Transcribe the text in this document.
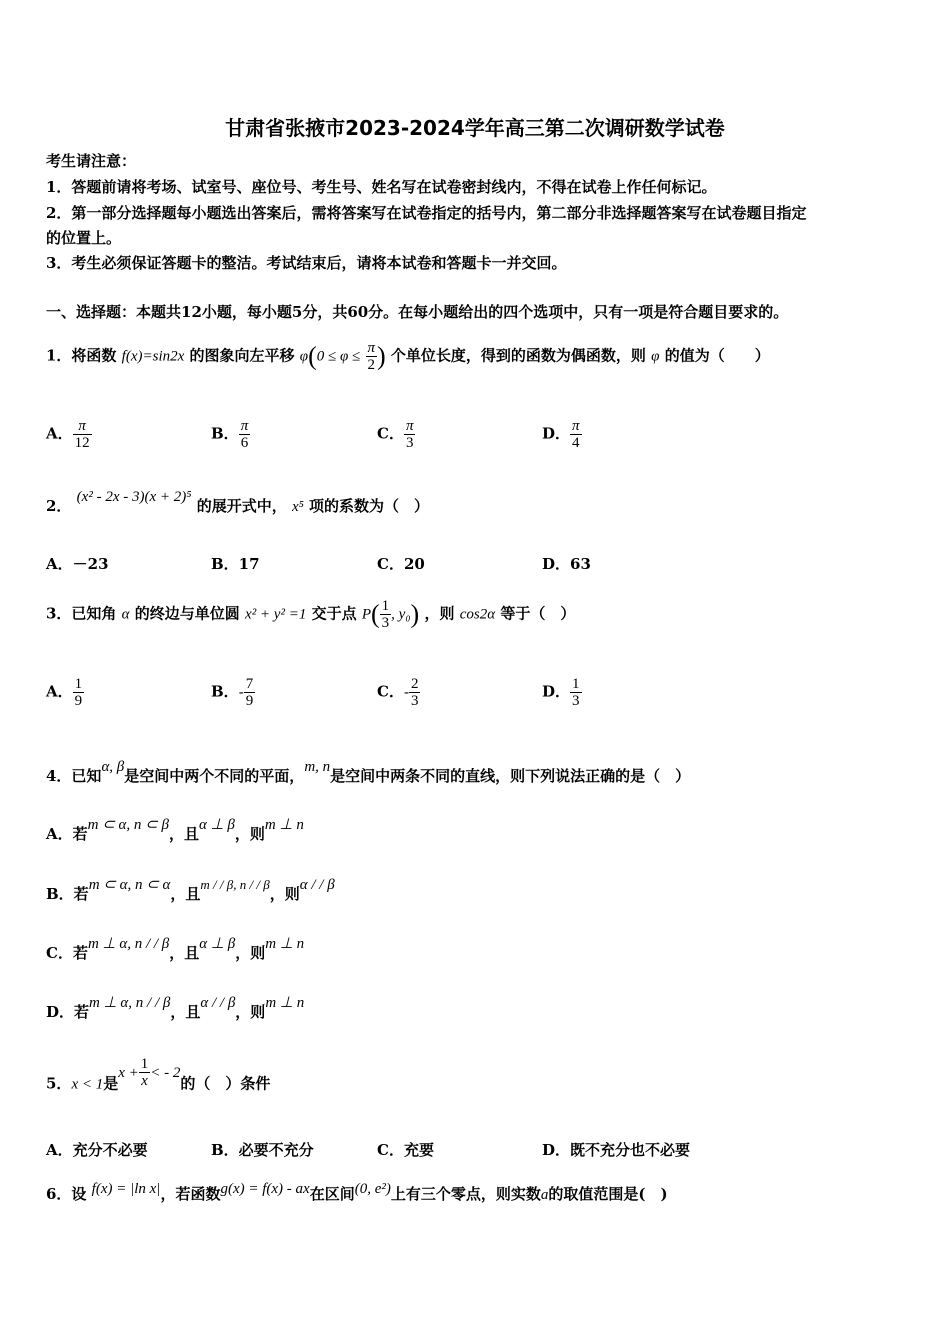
甘肃省张掖市2023-2024学年高三第二次调研数学试卷
考生请注意：
1．答题前请将考场、试室号、座位号、考生号、姓名写在试卷密封线内，不得在试卷上作任何标记。
2．第一部分选择题每小题选出答案后，需将答案写在试卷指定的括号内，第二部分非选择题答案写在试卷题目指定
的位置上。
3．考生必须保证答题卡的整洁。考试结束后，请将本试卷和答题卡一并交回。
一、选择题：本题共12小题，每小题5分，共60分。在每小题给出的四个选项中，只有一项是符合题目要求的。
1．将函数 f(x)=sin2x 的图象向左平移 $\varphi(0 \le \varphi \le \frac{\pi}{2}$ ) 个单位长度，得到的函数为偶函数，则 φ 的值为（　　）
A． $\frac{\pi}{12}$	B． $\frac{\pi}{6}$	C． $\frac{\pi}{3}$	D． $\frac{\pi}{4}$
2． (x² - 2x - 3)(x + 2)⁵ 的展开式中， x⁵ 项的系数为（　）
A．－23	B．17	C．20	D．63
3．已知角 α 的终边与单位圆 x² + y² =1 交于点 $P( \frac{1}{3}$ , y₀) ，则 cos2α 等于（　）
A． $\frac{1}{9}$	B．- $\frac{7}{9}$	C．- $\frac{2}{3}$	D． $\frac{1}{3}$
4．已知α, β是空间中两个不同的平面，m, n是空间中两条不同的直线，则下列说法正确的是（　）
A．若m ⊂ α, n ⊂ β，且α ⊥ β，则m ⊥ n
B．若m ⊂ α, n ⊂ α，且m / / β, n / / β，则α / / β
C．若m ⊥ α, n / / β，且α ⊥ β，则m ⊥ n
D．若m ⊥ α, n / / β，且α / / β，则m ⊥ n
5．x < 1是$x + \frac{1}{x}$ < - 2的（　）条件
A．充分不必要	B．必要不充分	C．充要	D．既不充分也不必要
6．设 f(x) = |ln x|，若函数g(x) = f(x) - ax在区间(0, e²)上有三个零点，则实数a的取值范围是(　)
